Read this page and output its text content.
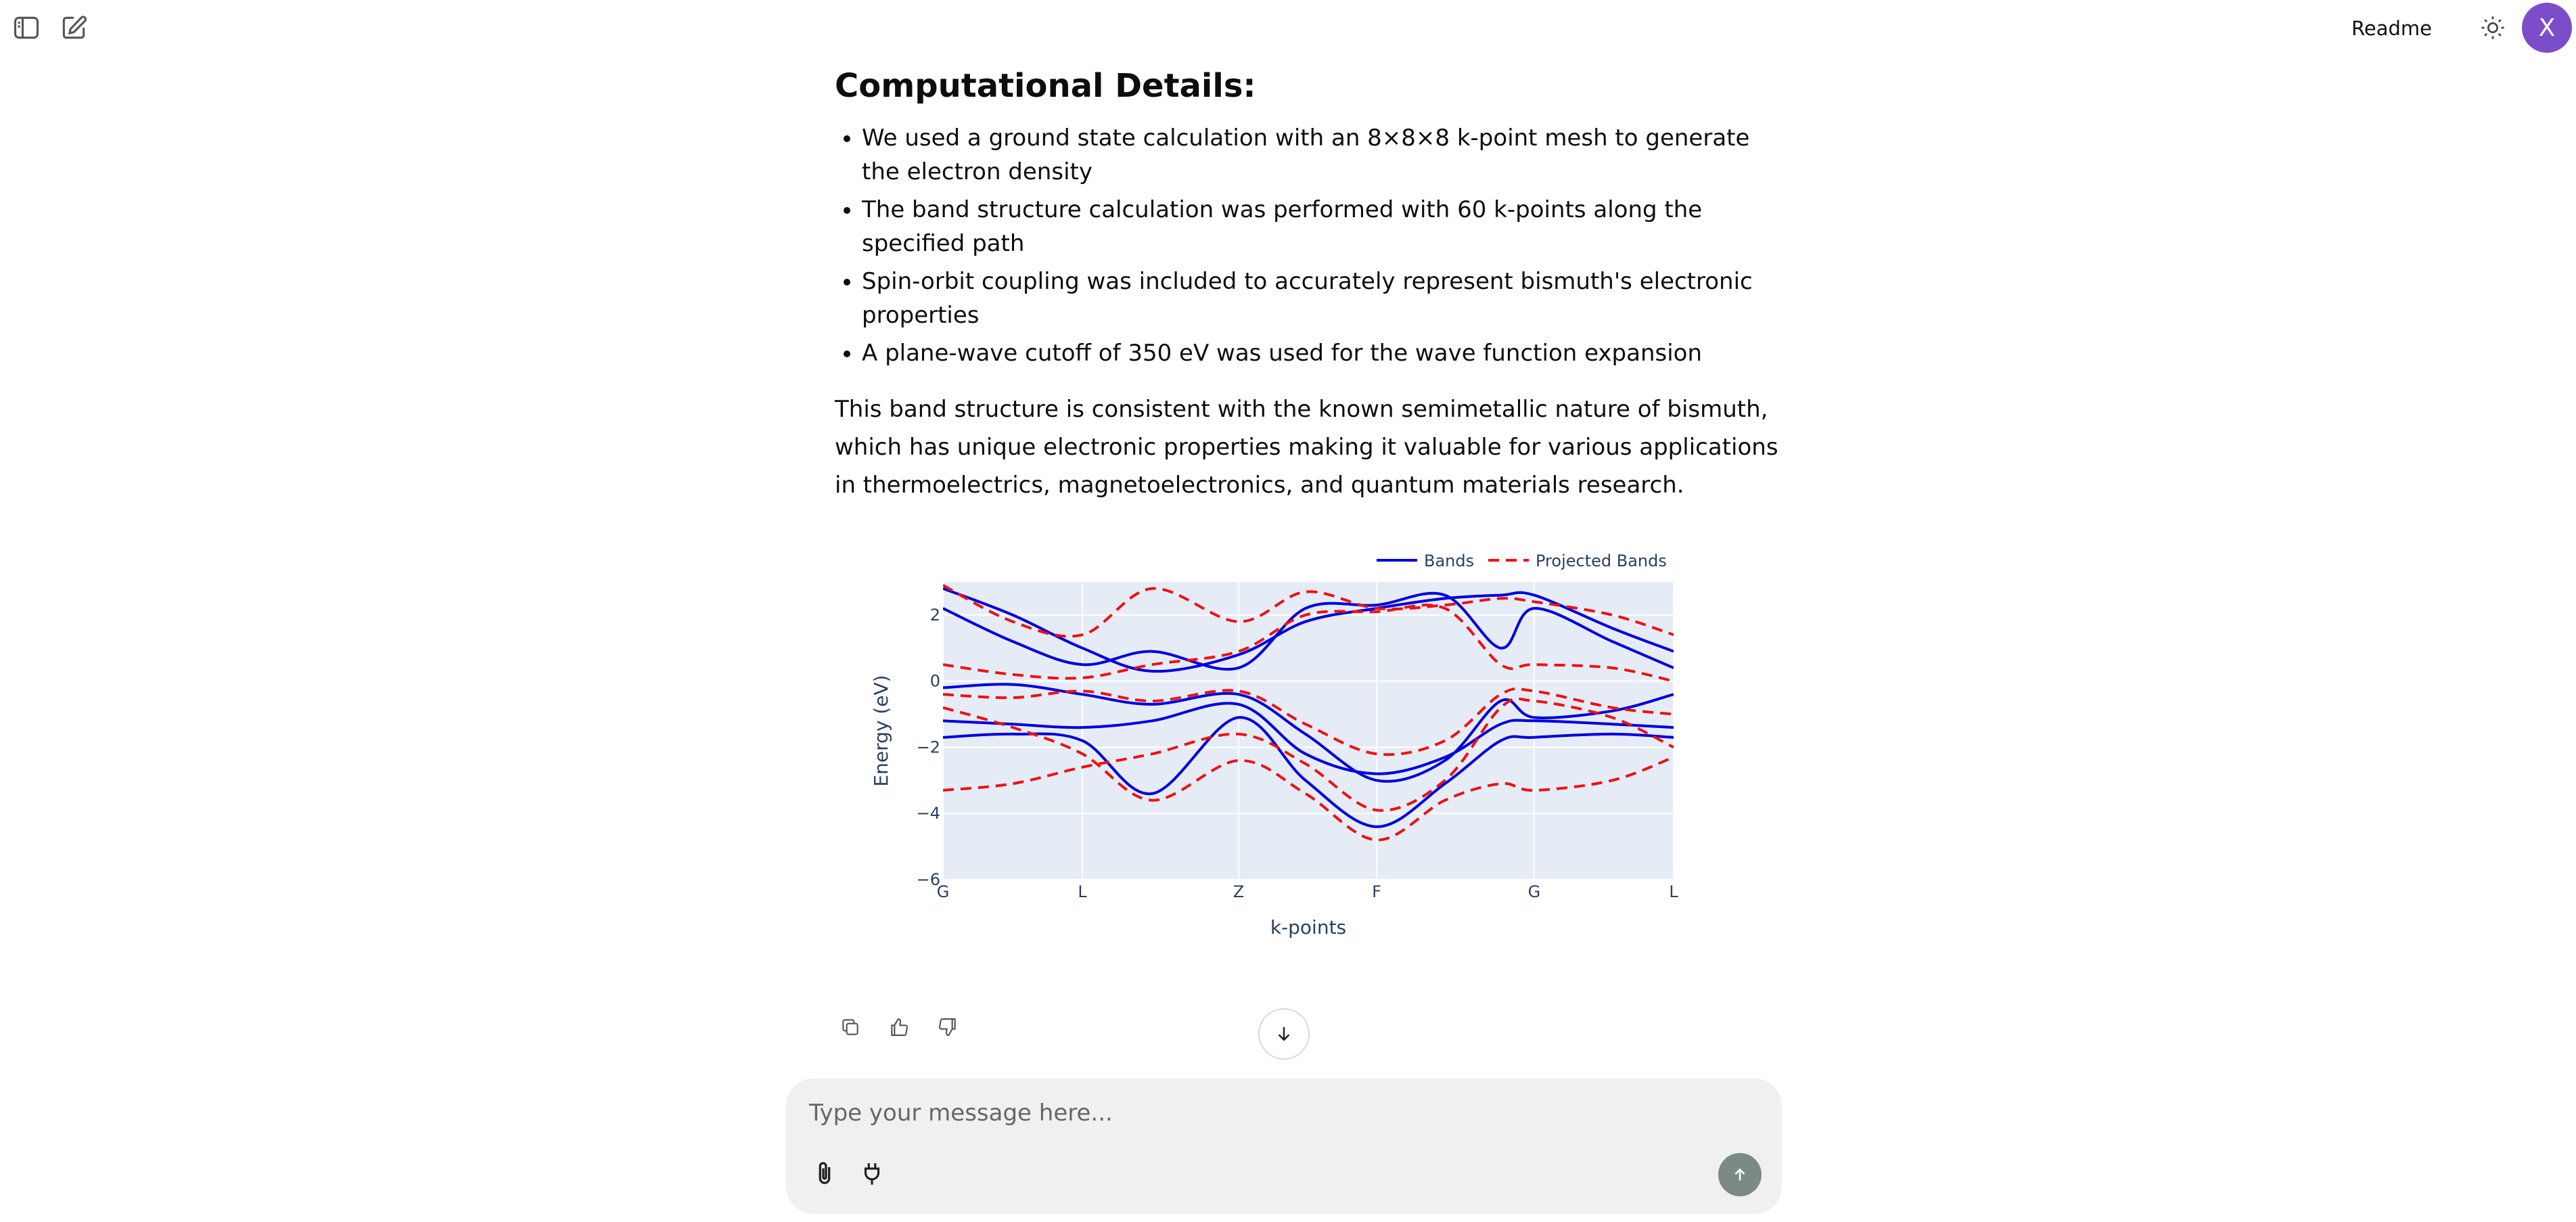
Readme	X
Computational Details:
• We used a ground state calculation with an 8×8×8 k-point mesh to generate the electron density
• The band structure calculation was performed with 60 k-points along the specified path
• Spin-orbit coupling was included to accurately represent bismuth's electronic properties
• A plane-wave cutoff of 350 eV was used for the wave function expansion

This band structure is consistent with the known semimetallic nature of bismuth, which has unique electronic properties making it valuable for various applications in thermoelectrics, magnetoelectronics, and quantum materials research.

−6
−4
−2
0
2
G	L	Z	F	G	L
k-points
Energy (eV)
Bands	Projected Bands
Type your message here...
